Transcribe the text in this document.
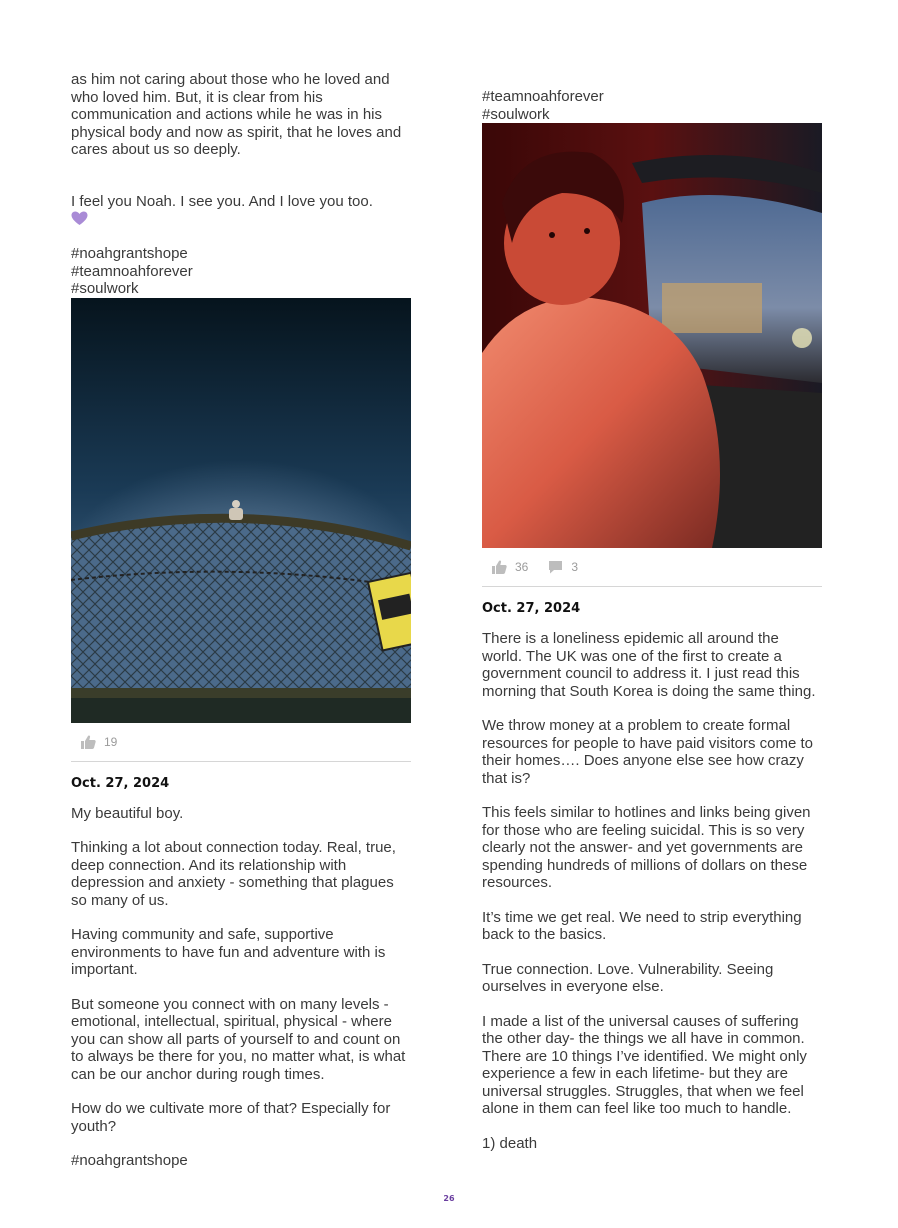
as him not caring about those who he loved and
who loved him. But, it is clear from his
communication and actions while he was in his
physical body and now as spirit, that he loves and
cares about us so deeply.

I feel you Noah. I see you. And I love you too.

#noahgrantshope
#teamnoahforever
#soulwork
19
Oct. 27, 2024

My beautiful boy.

Thinking a lot about connection today. Real, true,
deep connection. And its relationship with
depression and anxiety - something that plagues
so many of us.

Having community and safe, supportive
environments to have fun and adventure with is
important.

But someone you connect with on many levels -
emotional, intellectual, spiritual, physical - where
you can show all parts of yourself to and count on
to always be there for you, no matter what, is what
can be our anchor during rough times.

How do we cultivate more of that? Especially for
youth?

#noahgrantshope
#teamnoahforever
#soulwork
36	3
Oct. 27, 2024

There is a loneliness epidemic all around the
world. The UK was one of the first to create a
government council to address it. I just read this
morning that South Korea is doing the same thing.

We throw money at a problem to create formal
resources for people to have paid visitors come to
their homes…. Does anyone else see how crazy
that is?

This feels similar to hotlines and links being given
for those who are feeling suicidal. This is so very
clearly not the answer- and yet governments are
spending hundreds of millions of dollars on these
resources.

It’s time we get real. We need to strip everything
back to the basics.

True connection. Love. Vulnerability. Seeing
ourselves in everyone else.

I made a list of the universal causes of suffering
the other day- the things we all have in common.
There are 10 things I’ve identified. We might only
experience a few in each lifetime- but they are
universal struggles. Struggles, that when we feel
alone in them can feel like too much to handle.

1) death

26
